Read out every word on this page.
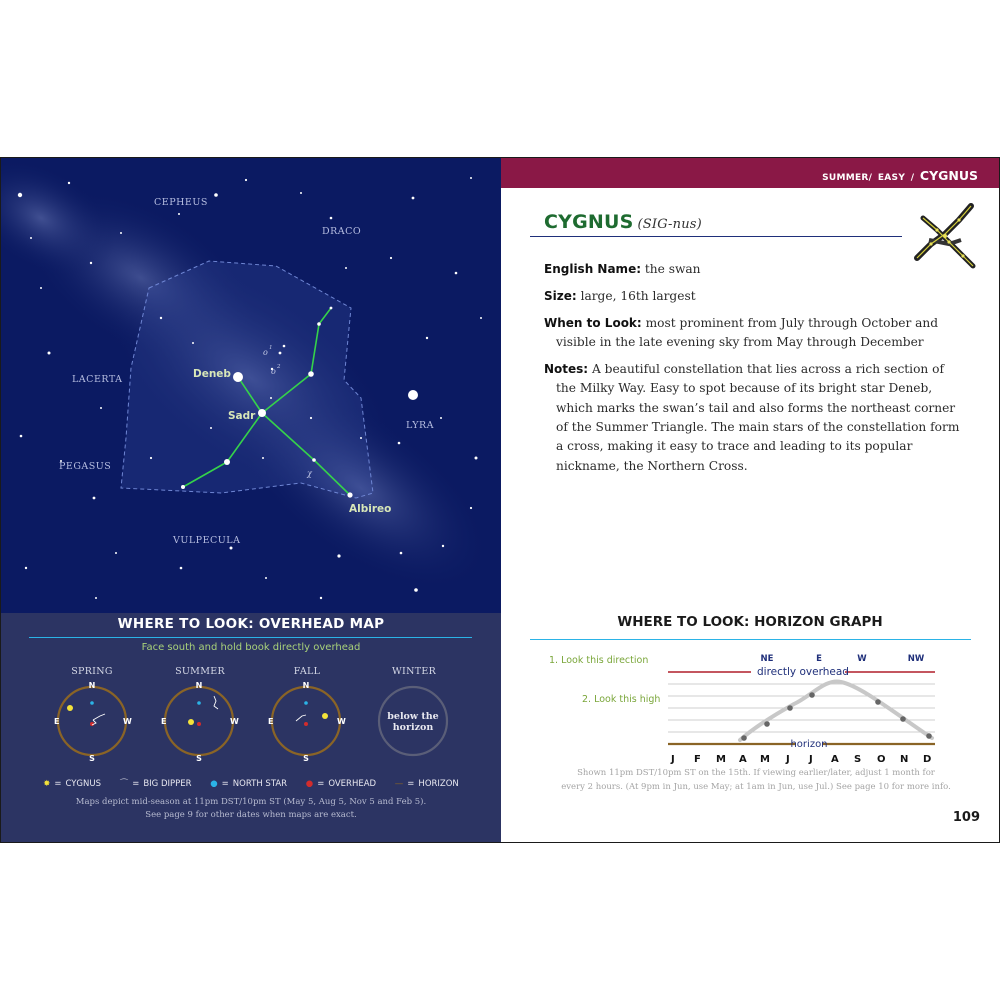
CEPHEUS
DRACO
LACERTA
LYRA
PEGASUS
VULPECULA
Deneb
Sadr
Albireo
o 1
o 2
χ
WHERE TO LOOK: OVERHEAD MAP
Face south and hold book directly overhead
SPRING	SUMMER	FALL	WINTER
N
S
E	W
N
S
E	W
N
S
E	W	below the
horizon
✸ = CYGNUS ⌒ = BIG DIPPER ● = NORTH STAR ● = OVERHEAD — = HORIZON
Maps depict mid-season at 11pm DST/10pm ST (May 5, Aug 5, Nov 5 and Feb 5).
See page 9 for other dates when maps are exact.
SUMMER/ EASY / CYGNUS
CYGNUS (SIG-nus)

English Name: the swan

Size: large, 16th largest

When to Look: most prominent from July through October and visible in the late evening sky from May through December

Notes: A beautiful constellation that lies across a rich section of the Milky Way. Easy to spot because of its bright star Deneb, which marks the swan’s tail and also forms the northeast corner of the Summer Triangle. The main stars of the constellation form a cross, making it easy to trace and leading to its popular nickname, the Northern Cross.

WHERE TO LOOK: HORIZON GRAPH
1. Look this direction
2. Look this high
directly overhead
NE	E	W	NW
horizon
J F M A M J J A S O N D
Shown 11pm DST/10pm ST on the 15th. If viewing earlier/later, adjust 1 month for
every 2 hours. (At 9pm in Jun, use May; at 1am in Jun, use Jul.) See page 10 for more info.
109
